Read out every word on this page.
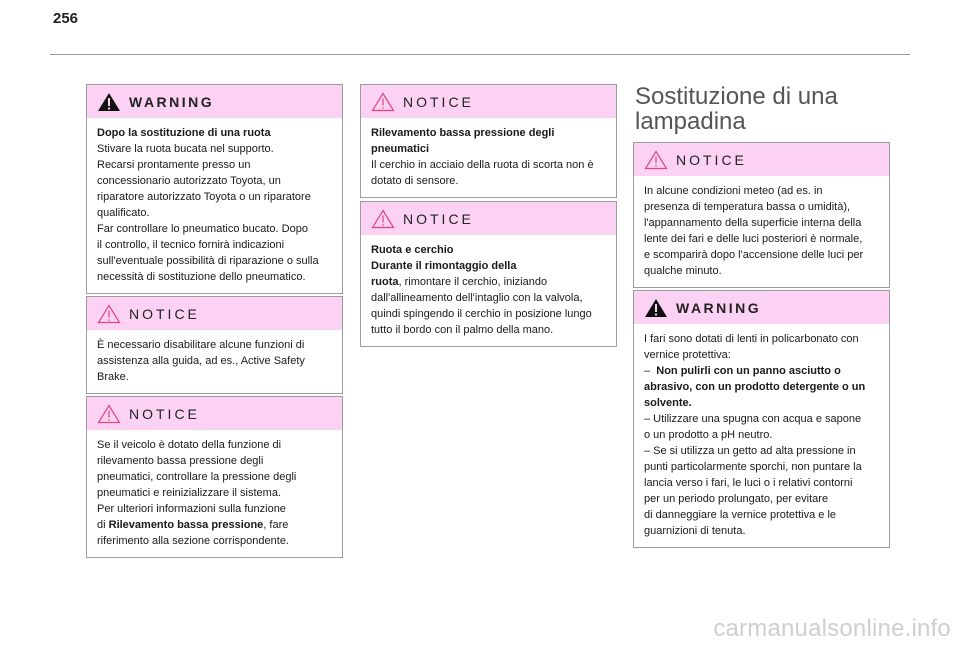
256
WARNING

Dopo la sostituzione di una ruota

Stivare la ruota bucata nel supporto.

Recarsi prontamente presso un

concessionario autorizzato Toyota, un

riparatore autorizzato Toyota o un riparatore

qualificato.

Far controllare lo pneumatico bucato. Dopo

il controllo, il tecnico fornirà indicazioni

sull'eventuale possibilità di riparazione o sulla

necessità di sostituzione dello pneumatico.

NOTICE

È necessario disabilitare alcune funzioni di

assistenza alla guida, ad es., Active Safety

Brake.

NOTICE

Se il veicolo è dotato della funzione di

rilevamento bassa pressione degli

pneumatici, controllare la pressione degli

pneumatici e reinizializzare il sistema.

Per ulteriori informazioni sulla funzione

di Rilevamento bassa pressione, fare

riferimento alla sezione corrispondente.

NOTICE

Rilevamento bassa pressione degli

pneumatici

Il cerchio in acciaio della ruota di scorta non è

dotato di sensore.

NOTICE

Ruota e cerchio

Durante il rimontaggio della

ruota, rimontare il cerchio, iniziando

dall'allineamento dell'intaglio con la valvola,

quindi spingendo il cerchio in posizione lungo

tutto il bordo con il palmo della mano.

Sostituzione di una
lampadina
NOTICE

In alcune condizioni meteo (ad es. in

presenza di temperatura bassa o umidità),

l'appannamento della superficie interna della

lente dei fari e delle luci posteriori è normale,

e scomparirà dopo l'accensione delle luci per

qualche minuto.

WARNING

I fari sono dotati di lenti in policarbonato con

vernice protettiva:

– Non pulirli con un panno asciutto o

abrasivo, con un prodotto detergente o un

solvente.

– Utilizzare una spugna con acqua e sapone

o un prodotto a pH neutro.

– Se si utilizza un getto ad alta pressione in

punti particolarmente sporchi, non puntare la

lancia verso i fari, le luci o i relativi contorni

per un periodo prolungato, per evitare

di danneggiare la vernice protettiva e le

guarnizioni di tenuta.

carmanualsonline.info
